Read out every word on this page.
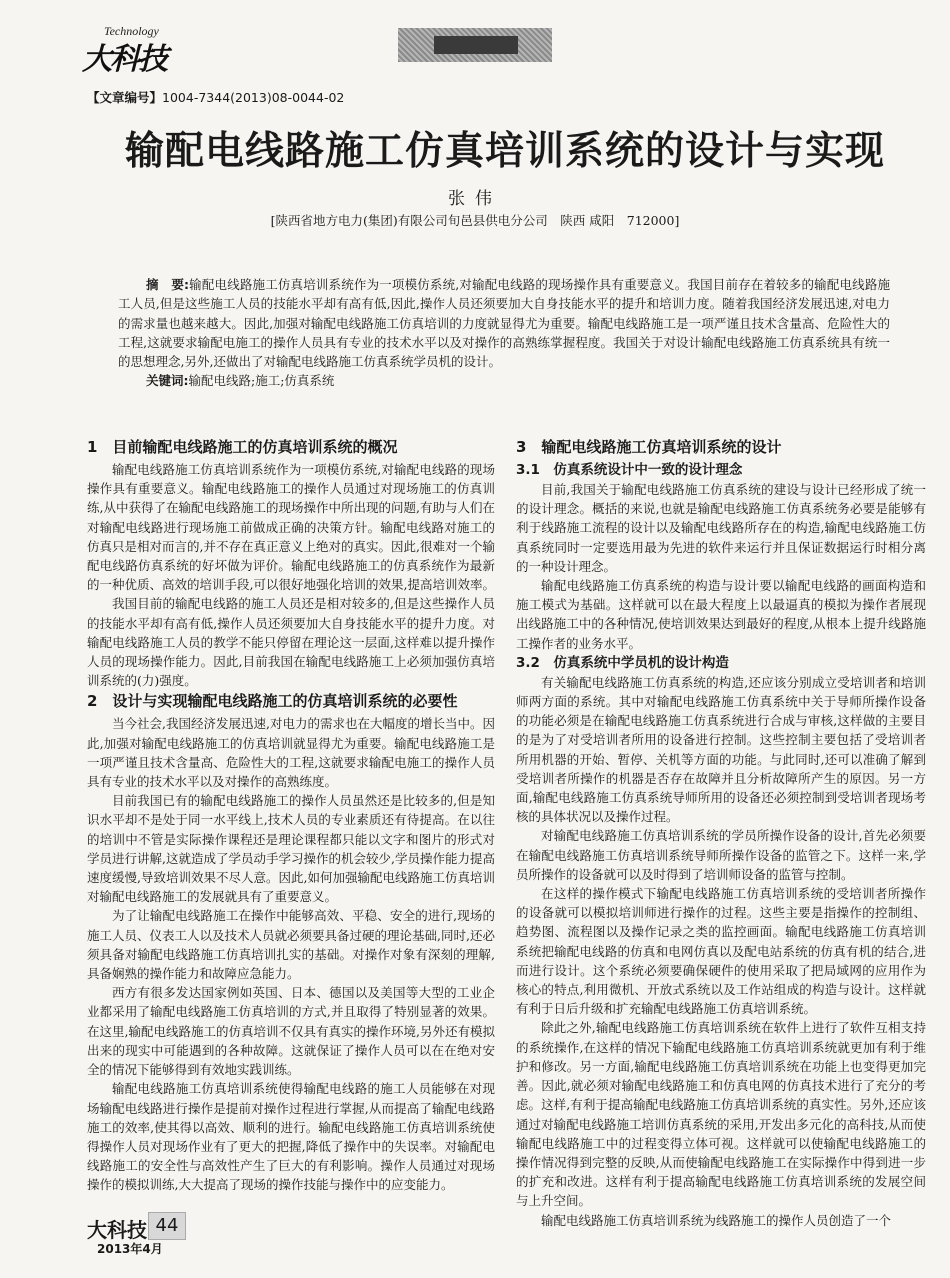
Technology
大科技
【文章编号】1004-7344(2013)08-0044-02
输配电线路施工仿真培训系统的设计与实现
张伟
[陕西省地方电力(集团)有限公司旬邑县供电分公司　陕西 咸阳　712000]
摘　要:输配电线路施工仿真培训系统作为一项模仿系统,对输配电线路的现场操作具有重要意义。我国目前存在着较多的输配电线路施工人员,但是这些施工人员的技能水平却有高有低,因此,操作人员还须要加大自身技能水平的提升和培训力度。随着我国经济发展迅速,对电力的需求量也越来越大。因此,加强对输配电线路施工仿真培训的力度就显得尤为重要。输配电线路施工是一项严谨且技术含量高、危险性大的工程,这就要求输配电施工的操作人员具有专业的技术水平以及对操作的高熟练掌握程度。我国关于对设计输配电线路施工仿真系统具有统一的思想理念,另外,还做出了对输配电线路施工仿真系统学员机的设计。
关键词:输配电线路;施工;仿真系统
1　目前输配电线路施工的仿真培训系统的概况

输配电线路施工仿真培训系统作为一项模仿系统,对输配电线路的现场操作具有重要意义。输配电线路施工的操作人员通过对现场施工的仿真训练,从中获得了在输配电线路施工的现场操作中所出现的问题,有助与人们在对输配电线路进行现场施工前做成正确的决策方针。输配电线路对施工的仿真只是相对而言的,并不存在真正意义上绝对的真实。因此,很难对一个输配电线路仿真系统的好坏做为评价。输配电线路施工的仿真系统作为最新的一种优质、高效的培训手段,可以很好地强化培训的效果,提高培训效率。

我国目前的输配电线路的施工人员还是相对较多的,但是这些操作人员的技能水平却有高有低,操作人员还须要加大自身技能水平的提升力度。对输配电线路施工人员的教学不能只停留在理论这一层面,这样难以提升操作人员的现场操作能力。因此,目前我国在输配电线路施工上必须加强仿真培训系统的(力)强度。

2　设计与实现输配电线路施工的仿真培训系统的必要性

当今社会,我国经济发展迅速,对电力的需求也在大幅度的增长当中。因此,加强对输配电线路施工的仿真培训就显得尤为重要。输配电线路施工是一项严谨且技术含量高、危险性大的工程,这就要求输配电施工的操作人员具有专业的技术水平以及对操作的高熟练度。

目前我国已有的输配电线路施工的操作人员虽然还是比较多的,但是知识水平却不是处于同一水平线上,技术人员的专业素质还有待提高。在以往的培训中不管是实际操作课程还是理论课程都只能以文字和图片的形式对学员进行讲解,这就造成了学员动手学习操作的机会较少,学员操作能力提高速度缓慢,导致培训效果不尽人意。因此,如何加强输配电线路施工仿真培训对输配电线路施工的发展就具有了重要意义。

为了让输配电线路施工在操作中能够高效、平稳、安全的进行,现场的施工人员、仪表工人以及技术人员就必须要具备过硬的理论基础,同时,还必须具备对输配电线路施工仿真培训扎实的基础。对操作对象有深刻的理解,具备娴熟的操作能力和故障应急能力。

西方有很多发达国家例如英国、日本、德国以及美国等大型的工业企业都采用了输配电线路施工仿真培训的方式,并且取得了特别显著的效果。在这里,输配电线路施工的仿真培训不仅具有真实的操作环境,另外还有模拟出来的现实中可能遇到的各种故障。这就保证了操作人员可以在在绝对安全的情况下能够得到有效地实践训练。

输配电线路施工仿真培训系统使得输配电线路的施工人员能够在对现场输配电线路进行操作是提前对操作过程进行掌握,从而提高了输配电线路施工的效率,使其得以高效、顺利的进行。输配电线路施工仿真培训系统使得操作人员对现场作业有了更大的把握,降低了操作中的失误率。对输配电线路施工的安全性与高效性产生了巨大的有利影响。操作人员通过对现场操作的模拟训练,大大提高了现场的操作技能与操作中的应变能力。

3　输配电线路施工仿真培训系统的设计
3.1　仿真系统设计中一致的设计理念

目前,我国关于输配电线路施工仿真系统的建设与设计已经形成了统一的设计理念。概括的来说,也就是输配电线路施工仿真系统务必要是能够有利于线路施工流程的设计以及输配电线路所存在的构造,输配电线路施工仿真系统同时一定要选用最为先进的软件来运行并且保证数据运行时相分离的一种设计理念。

输配电线路施工仿真系统的构造与设计要以输配电线路的画面构造和施工模式为基础。这样就可以在最大程度上以最逼真的模拟为操作者展现出线路施工中的各种情况,使培训效果达到最好的程度,从根本上提升线路施工操作者的业务水平。

3.2　仿真系统中学员机的设计构造

有关输配电线路施工仿真系统的构造,还应该分别成立受培训者和培训师两方面的系统。其中对输配电线路施工仿真系统中关于导师所操作设备的功能必须是在输配电线路施工仿真系统进行合成与审核,这样做的主要目的是为了对受培训者所用的设备进行控制。这些控制主要包括了受培训者所用机器的开始、暂停、关机等方面的功能。与此同时,还可以准确了解到受培训者所操作的机器是否存在故障并且分析故障所产生的原因。另一方面,输配电线路施工仿真系统导师所用的设备还必须控制到受培训者现场考核的具体状况以及操作过程。

对输配电线路施工仿真培训系统的学员所操作设备的设计,首先必须要在输配电线路施工仿真培训系统导师所操作设备的监管之下。这样一来,学员所操作的设备就可以及时得到了培训师设备的监管与控制。

在这样的操作模式下输配电线路施工仿真培训系统的受培训者所操作的设备就可以模拟培训师进行操作的过程。这些主要是指操作的控制组、趋势图、流程图以及操作记录之类的监控画面。输配电线路施工仿真培训系统把输配电线路的仿真和电网仿真以及配电站系统的仿真有机的结合,进而进行设计。这个系统必须要确保硬件的使用采取了把局域网的应用作为核心的特点,利用微机、开放式系统以及工作站组成的构造与设计。这样就有利于日后升级和扩充输配电线路施工仿真培训系统。

除此之外,输配电线路施工仿真培训系统在软件上进行了软件互相支持的系统操作,在这样的情况下输配电线路施工仿真培训系统就更加有利于维护和修改。另一方面,输配电线路施工仿真培训系统在功能上也变得更加完善。因此,就必须对输配电线路施工和仿真电网的仿真技术进行了充分的考虑。这样,有利于提高输配电线路施工仿真培训系统的真实性。另外,还应该通过对输配电线路施工培训仿真系统的采用,开发出多元化的高科技,从而使输配电线路施工中的过程变得立体可视。这样就可以使输配电线路施工的操作情况得到完整的反映,从而使输配电线路施工在实际操作中得到进一步的扩充和改进。这样有利于提高输配电线路施工仿真培训系统的发展空间与上升空间。

输配电线路施工仿真培训系统为线路施工的操作人员创造了一个

大科技 44
2013年4月
